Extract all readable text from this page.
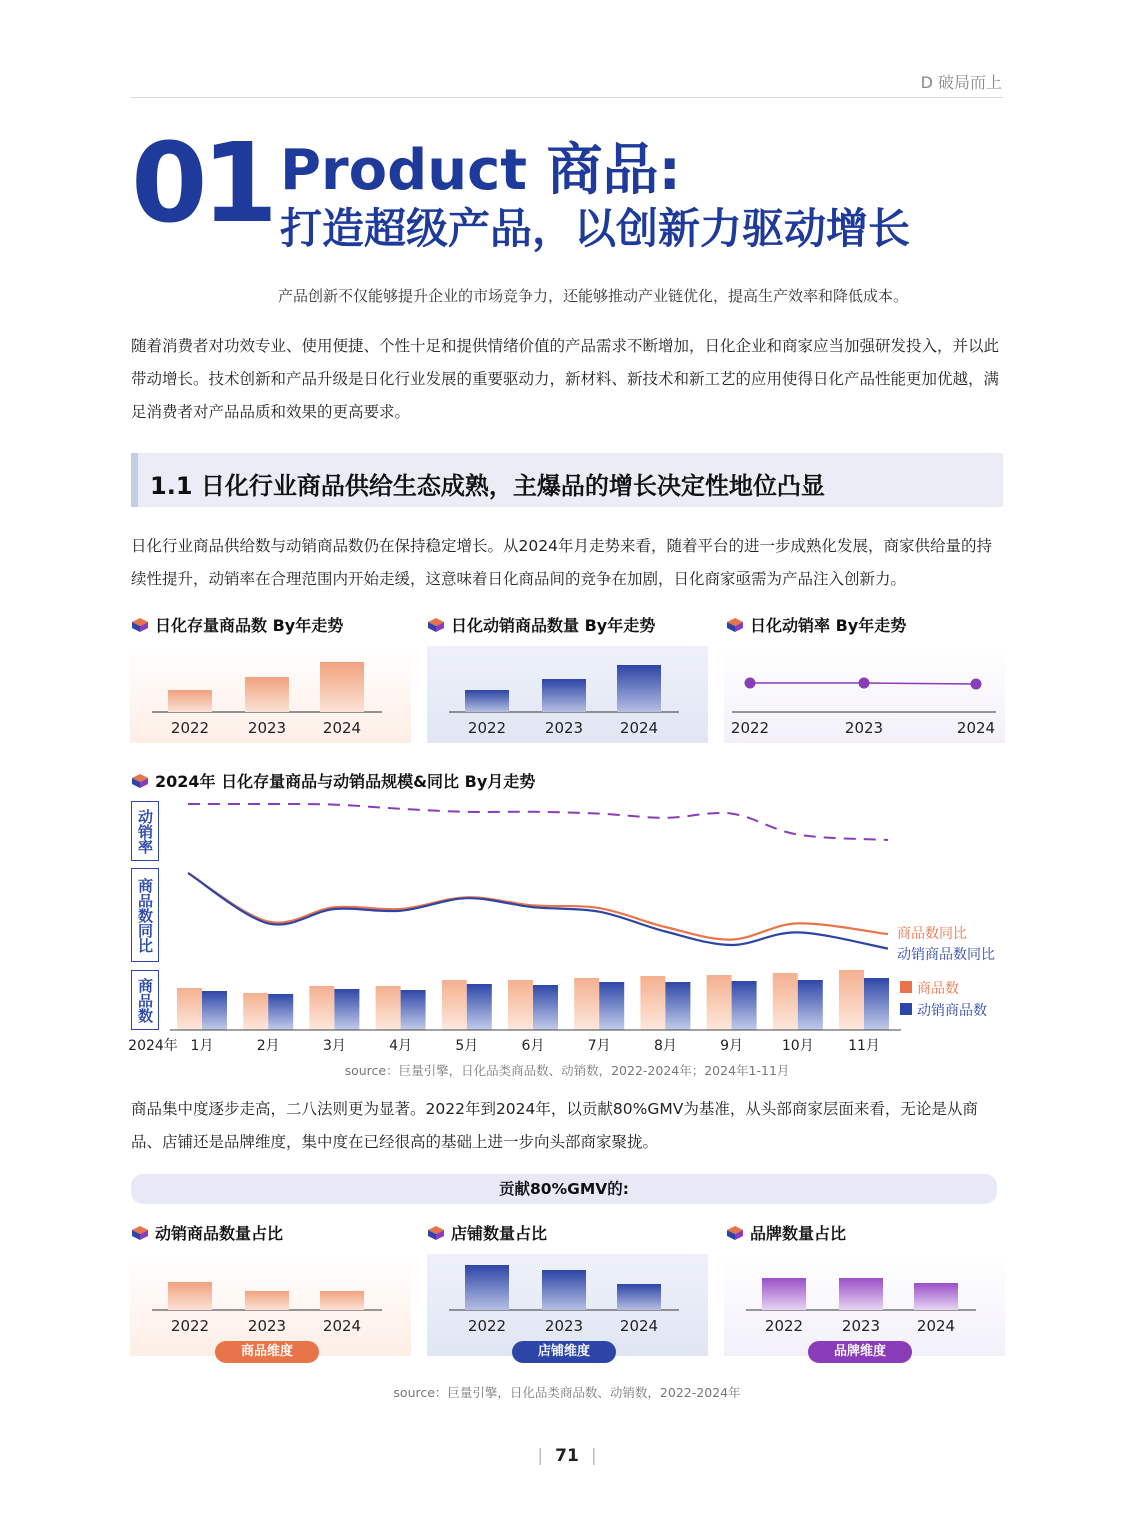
D 破局而上
01 Product 商品:
打造超级产品，以创新力驱动增长
产品创新不仅能够提升企业的市场竞争力，还能够推动产业链优化，提高生产效率和降低成本。
随着消费者对功效专业、使用便捷、个性十足和提供情绪价值的产品需求不断增加，日化企业和商家应当加强研发投入，并以此带动增长。技术创新和产品升级是日化行业发展的重要驱动力，新材料、新技术和新工艺的应用使得日化产品性能更加优越，满足消费者对产品品质和效果的更高要求。
1.1 日化行业商品供给生态成熟，主爆品的增长决定性地位凸显
日化行业商品供给数与动销商品数仍在保持稳定增长。从2024年月走势来看，随着平台的进一步成熟化发展，商家供给量的持续性提升，动销率在合理范围内开始走缓，这意味着日化商品间的竞争在加剧，日化商家亟需为产品注入创新力。
日化存量商品数 By年走势	日化动销商品数量 By年走势	日化动销率 By年走势
2022	2023 2024	2022	2023 2024	2022	2023	2024
2024年 日化存量商品与动销品规模&同比 By月走势
动销率
商品数同比
商品数
2024年 1月	2月	3月	4月	5月	6月	7月	8月	9月	10月 11月
商品数同比
动销商品数同比
商品数
动销商品数
source：巨量引擎，日化品类商品数、动销数，2022-2024年；2024年1-11月
商品集中度逐步走高，二八法则更为显著。2022年到2024年，以贡献80%GMV为基准，从头部商家层面来看，无论是从商品、店铺还是品牌维度，集中度在已经很高的基础上进一步向头部商家聚拢。
贡献80%GMV的:
动销商品数量占比	店铺数量占比	品牌数量占比
2022	2023 2024	2022	2023 2024	2022	2023 2024
商品维度	店铺维度	品牌维度
source：巨量引擎，日化品类商品数、动销数，2022-2024年
| 71 |
